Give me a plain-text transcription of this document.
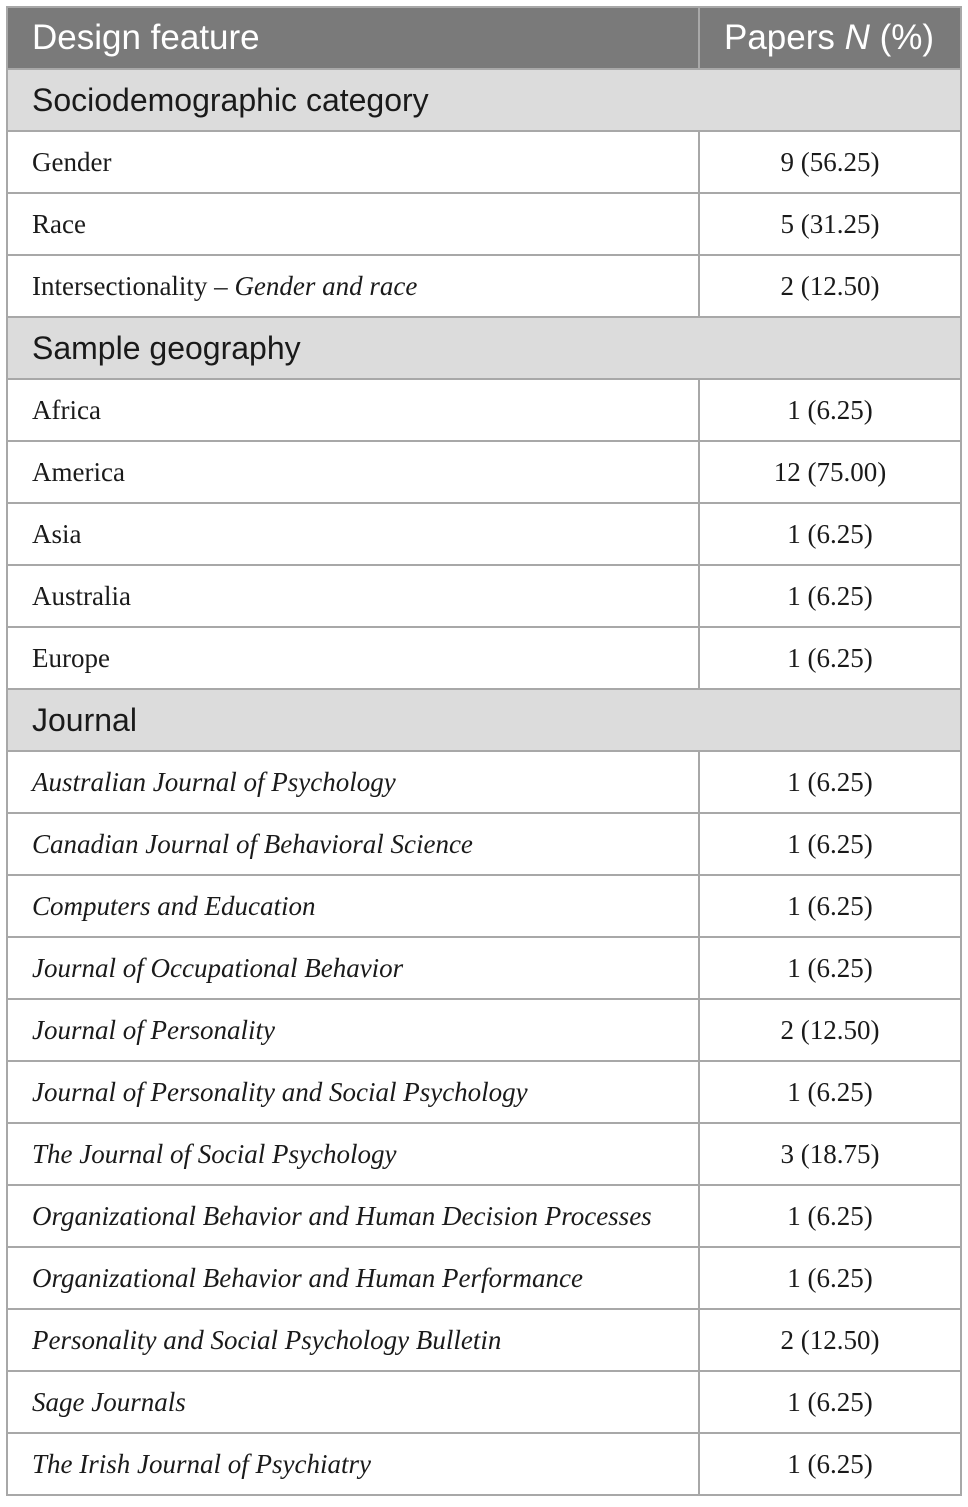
Design feature	Papers N (%)
Sociodemographic category	
Gender	9 (56.25)
Race	5 (31.25)
Intersectionality – Gender and race	2 (12.50)
Sample geography	
Africa	1 (6.25)
America	12 (75.00)
Asia	1 (6.25)
Australia	1 (6.25)
Europe	1 (6.25)
Journal	
Australian Journal of Psychology	1 (6.25)
Canadian Journal of Behavioral Science	1 (6.25)
Computers and Education	1 (6.25)
Journal of Occupational Behavior	1 (6.25)
Journal of Personality	2 (12.50)
Journal of Personality and Social Psychology	1 (6.25)
The Journal of Social Psychology	3 (18.75)
Organizational Behavior and Human Decision Processes	1 (6.25)
Organizational Behavior and Human Performance	1 (6.25)
Personality and Social Psychology Bulletin	2 (12.50)
Sage Journals	1 (6.25)
The Irish Journal of Psychiatry	1 (6.25)
